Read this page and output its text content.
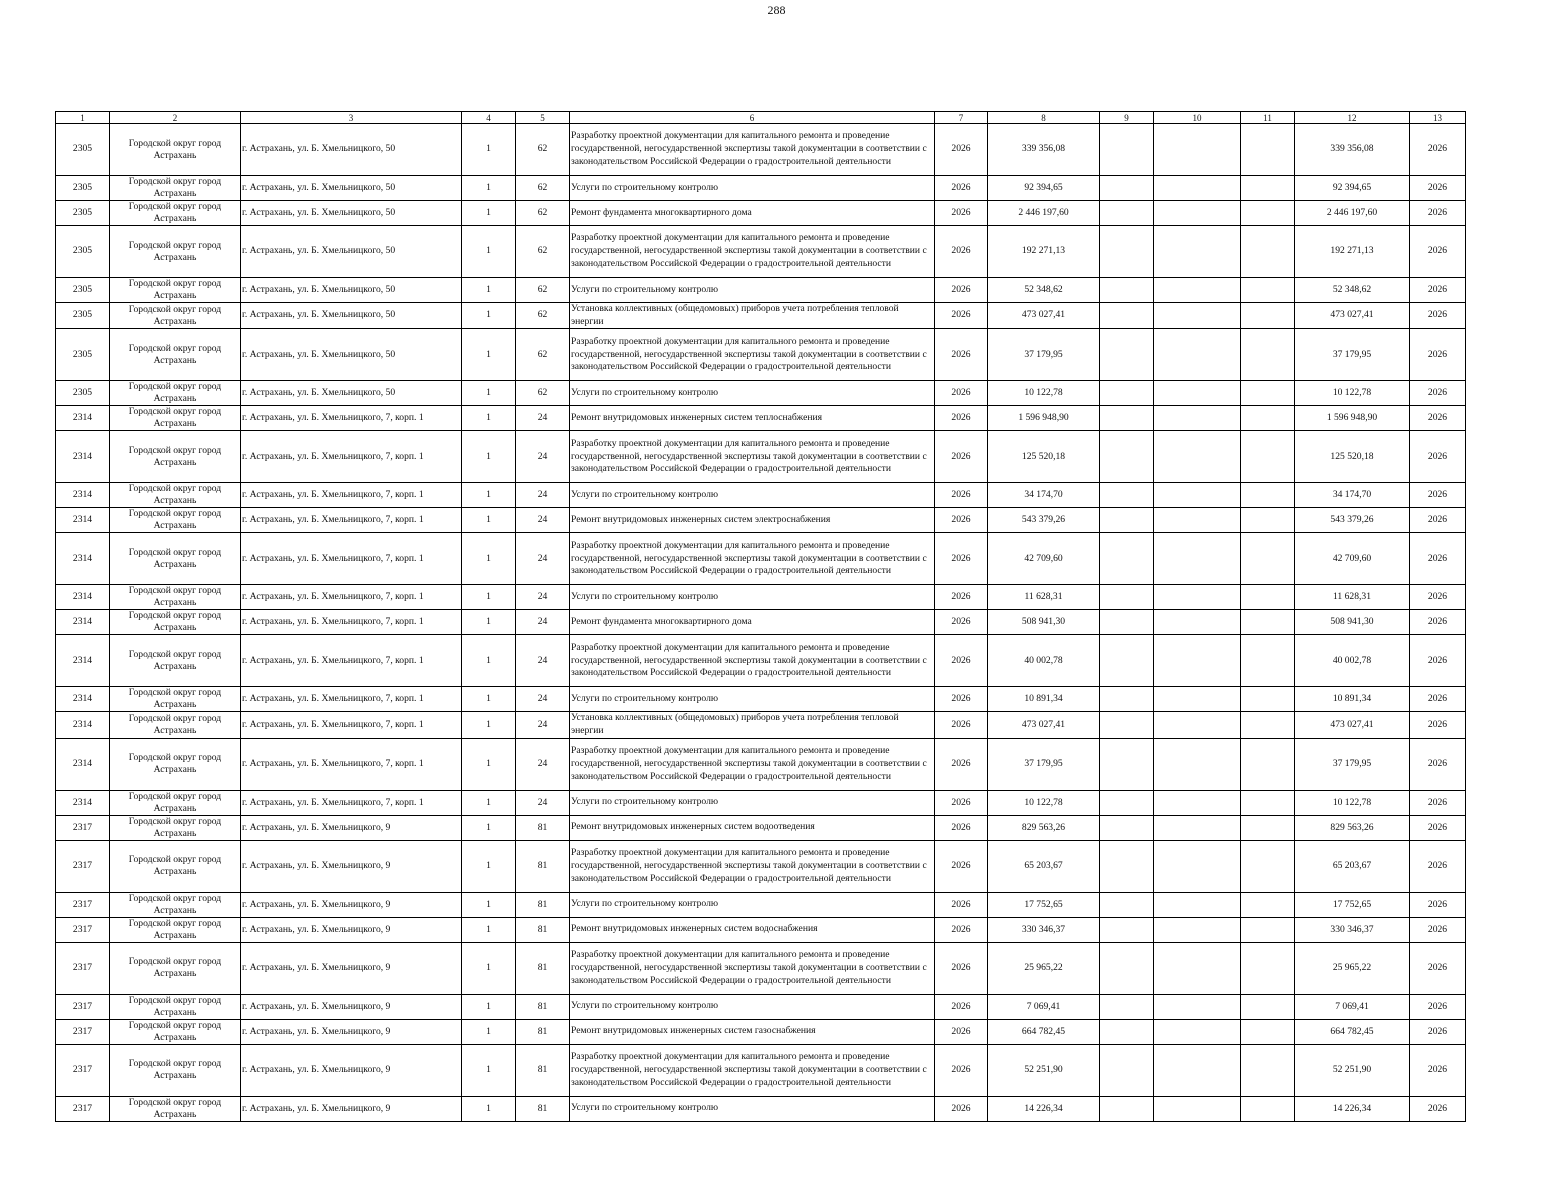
288
1	2	3	4	5	6	7	8	9	10	11	12	13
2305	Городской округ город Астрахань	г. Астрахань, ул. Б. Хмельницкого, 50	1	62	Разработку проектной документации для капитального ремонта и проведение государственной, негосударственной экспертизы такой документации в соответствии с законодательством Российской Федерации о градостроительной деятельности	2026	339 356,08				339 356,08	2026
2305	Городской округ город Астрахань	г. Астрахань, ул. Б. Хмельницкого, 50	1	62	Услуги по строительному контролю	2026	92 394,65				92 394,65	2026
2305	Городской округ город Астрахань	г. Астрахань, ул. Б. Хмельницкого, 50	1	62	Ремонт фундамента многоквартирного дома	2026	2 446 197,60				2 446 197,60	2026
2305	Городской округ город Астрахань	г. Астрахань, ул. Б. Хмельницкого, 50	1	62	Разработку проектной документации для капитального ремонта и проведение государственной, негосударственной экспертизы такой документации в соответствии с законодательством Российской Федерации о градостроительной деятельности	2026	192 271,13				192 271,13	2026
2305	Городской округ город Астрахань	г. Астрахань, ул. Б. Хмельницкого, 50	1	62	Услуги по строительному контролю	2026	52 348,62				52 348,62	2026
2305	Городской округ город Астрахань	г. Астрахань, ул. Б. Хмельницкого, 50	1	62	Установка коллективных (общедомовых) приборов учета потребления тепловой энергии	2026	473 027,41				473 027,41	2026
2305	Городской округ город Астрахань	г. Астрахань, ул. Б. Хмельницкого, 50	1	62	Разработку проектной документации для капитального ремонта и проведение государственной, негосударственной экспертизы такой документации в соответствии с законодательством Российской Федерации о градостроительной деятельности	2026	37 179,95				37 179,95	2026
2305	Городской округ город Астрахань	г. Астрахань, ул. Б. Хмельницкого, 50	1	62	Услуги по строительному контролю	2026	10 122,78				10 122,78	2026
2314	Городской округ город Астрахань	г. Астрахань, ул. Б. Хмельницкого, 7, корп. 1	1	24	Ремонт внутридомовых инженерных систем теплоснабжения	2026	1 596 948,90				1 596 948,90	2026
2314	Городской округ город Астрахань	г. Астрахань, ул. Б. Хмельницкого, 7, корп. 1	1	24	Разработку проектной документации для капитального ремонта и проведение государственной, негосударственной экспертизы такой документации в соответствии с законодательством Российской Федерации о градостроительной деятельности	2026	125 520,18				125 520,18	2026
2314	Городской округ город Астрахань	г. Астрахань, ул. Б. Хмельницкого, 7, корп. 1	1	24	Услуги по строительному контролю	2026	34 174,70				34 174,70	2026
2314	Городской округ город Астрахань	г. Астрахань, ул. Б. Хмельницкого, 7, корп. 1	1	24	Ремонт внутридомовых инженерных систем электроснабжения	2026	543 379,26				543 379,26	2026
2314	Городской округ город Астрахань	г. Астрахань, ул. Б. Хмельницкого, 7, корп. 1	1	24	Разработку проектной документации для капитального ремонта и проведение государственной, негосударственной экспертизы такой документации в соответствии с законодательством Российской Федерации о градостроительной деятельности	2026	42 709,60				42 709,60	2026
2314	Городской округ город Астрахань	г. Астрахань, ул. Б. Хмельницкого, 7, корп. 1	1	24	Услуги по строительному контролю	2026	11 628,31				11 628,31	2026
2314	Городской округ город Астрахань	г. Астрахань, ул. Б. Хмельницкого, 7, корп. 1	1	24	Ремонт фундамента многоквартирного дома	2026	508 941,30				508 941,30	2026
2314	Городской округ город Астрахань	г. Астрахань, ул. Б. Хмельницкого, 7, корп. 1	1	24	Разработку проектной документации для капитального ремонта и проведение государственной, негосударственной экспертизы такой документации в соответствии с законодательством Российской Федерации о градостроительной деятельности	2026	40 002,78				40 002,78	2026
2314	Городской округ город Астрахань	г. Астрахань, ул. Б. Хмельницкого, 7, корп. 1	1	24	Услуги по строительному контролю	2026	10 891,34				10 891,34	2026
2314	Городской округ город Астрахань	г. Астрахань, ул. Б. Хмельницкого, 7, корп. 1	1	24	Установка коллективных (общедомовых) приборов учета потребления тепловой энергии	2026	473 027,41				473 027,41	2026
2314	Городской округ город Астрахань	г. Астрахань, ул. Б. Хмельницкого, 7, корп. 1	1	24	Разработку проектной документации для капитального ремонта и проведение государственной, негосударственной экспертизы такой документации в соответствии с законодательством Российской Федерации о градостроительной деятельности	2026	37 179,95				37 179,95	2026
2314	Городской округ город Астрахань	г. Астрахань, ул. Б. Хмельницкого, 7, корп. 1	1	24	Услуги по строительному контролю	2026	10 122,78				10 122,78	2026
2317	Городской округ город Астрахань	г. Астрахань, ул. Б. Хмельницкого, 9	1	81	Ремонт внутридомовых инженерных систем водоотведения	2026	829 563,26				829 563,26	2026
2317	Городской округ город Астрахань	г. Астрахань, ул. Б. Хмельницкого, 9	1	81	Разработку проектной документации для капитального ремонта и проведение государственной, негосударственной экспертизы такой документации в соответствии с законодательством Российской Федерации о градостроительной деятельности	2026	65 203,67				65 203,67	2026
2317	Городской округ город Астрахань	г. Астрахань, ул. Б. Хмельницкого, 9	1	81	Услуги по строительному контролю	2026	17 752,65				17 752,65	2026
2317	Городской округ город Астрахань	г. Астрахань, ул. Б. Хмельницкого, 9	1	81	Ремонт внутридомовых инженерных систем водоснабжения	2026	330 346,37				330 346,37	2026
2317	Городской округ город Астрахань	г. Астрахань, ул. Б. Хмельницкого, 9	1	81	Разработку проектной документации для капитального ремонта и проведение государственной, негосударственной экспертизы такой документации в соответствии с законодательством Российской Федерации о градостроительной деятельности	2026	25 965,22				25 965,22	2026
2317	Городской округ город Астрахань	г. Астрахань, ул. Б. Хмельницкого, 9	1	81	Услуги по строительному контролю	2026	7 069,41				7 069,41	2026
2317	Городской округ город Астрахань	г. Астрахань, ул. Б. Хмельницкого, 9	1	81	Ремонт внутридомовых инженерных систем газоснабжения	2026	664 782,45				664 782,45	2026
2317	Городской округ город Астрахань	г. Астрахань, ул. Б. Хмельницкого, 9	1	81	Разработку проектной документации для капитального ремонта и проведение государственной, негосударственной экспертизы такой документации в соответствии с законодательством Российской Федерации о градостроительной деятельности	2026	52 251,90				52 251,90	2026
2317	Городской округ город Астрахань	г. Астрахань, ул. Б. Хмельницкого, 9	1	81	Услуги по строительному контролю	2026	14 226,34				14 226,34	2026
